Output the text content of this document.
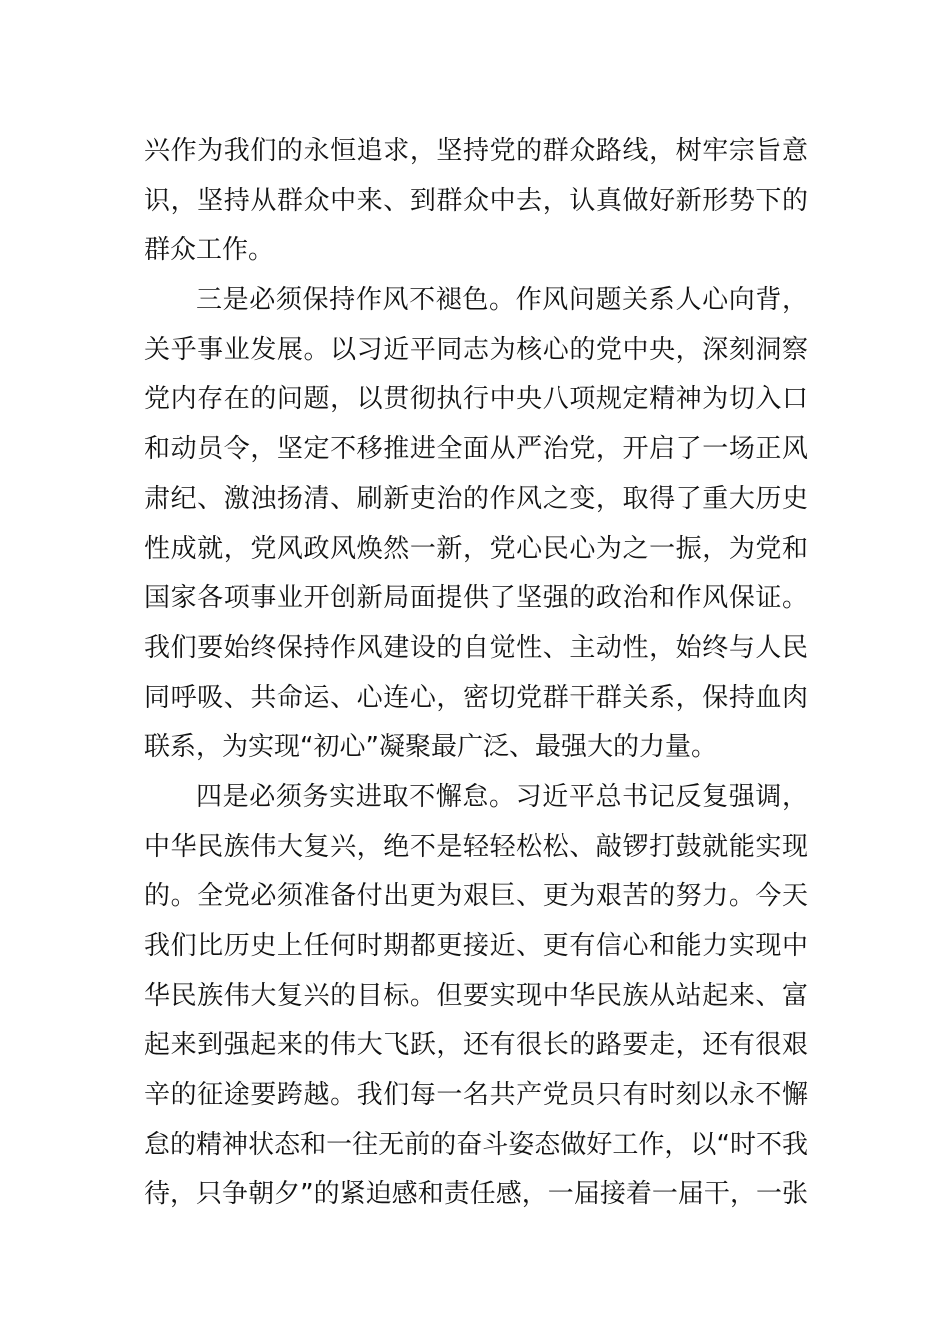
兴作为我们的永恒追求，坚持党的群众路线，树牢宗旨意
识，坚持从群众中来、到群众中去，认真做好新形势下的
群众工作。
三是必须保持作风不褪色。作风问题关系人心向背，
关乎事业发展。以习近平同志为核心的党中央，深刻洞察
党内存在的问题，以贯彻执行中央八项规定精神为切入口
和动员令，坚定不移推进全面从严治党，开启了一场正风
肃纪、激浊扬清、刷新吏治的作风之变，取得了重大历史
性成就，党风政风焕然一新，党心民心为之一振，为党和
国家各项事业开创新局面提供了坚强的政治和作风保证。
我们要始终保持作风建设的自觉性、主动性，始终与人民
同呼吸、共命运、心连心，密切党群干群关系，保持血肉
联系，为实现“初心”凝聚最广泛、最强大的力量。
四是必须务实进取不懈怠。习近平总书记反复强调，
中华民族伟大复兴，绝不是轻轻松松、敲锣打鼓就能实现
的。全党必须准备付出更为艰巨、更为艰苦的努力。今天
我们比历史上任何时期都更接近、更有信心和能力实现中
华民族伟大复兴的目标。但要实现中华民族从站起来、富
起来到强起来的伟大飞跃，还有很长的路要走，还有很艰
辛的征途要跨越。我们每一名共产党员只有时刻以永不懈
怠的精神状态和一往无前的奋斗姿态做好工作，以“时不我
待，只争朝夕”的紧迫感和责任感，一届接着一届干，一张
